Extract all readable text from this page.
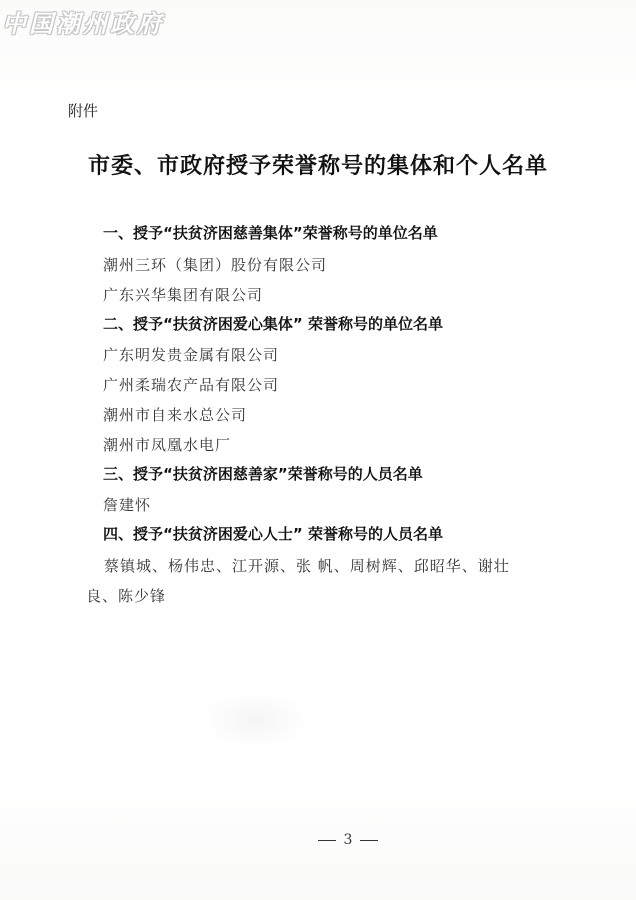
中国潮州政府
附件
市委、市政府授予荣誉称号的集体和个人名单
一、授予“扶贫济困慈善集体”荣誉称号的单位名单
潮州三环（集团）股份有限公司
广东兴华集团有限公司
二、授予“扶贫济困爱心集体” 荣誉称号的单位名单
广东明发贵金属有限公司
广州柔瑞农产品有限公司
潮州市自来水总公司
潮州市凤凰水电厂
三、授予“扶贫济困慈善家”荣誉称号的人员名单
詹建怀
四、授予“扶贫济困爱心人士” 荣誉称号的人员名单
蔡镇城、杨伟忠、江开源、张 帆、周树辉、邱昭华、谢壮良、陈少锋
3
